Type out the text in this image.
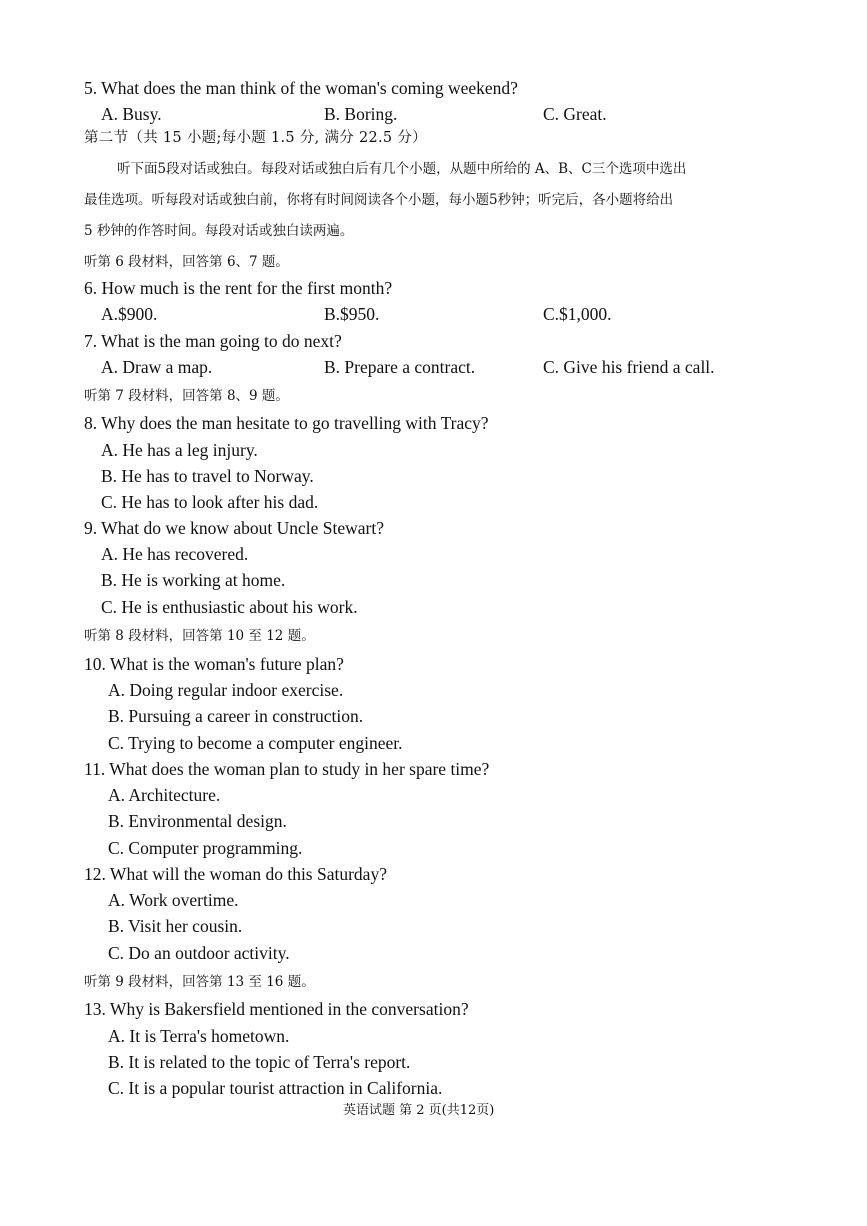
5. What does the man think of the woman's coming weekend?
A. Busy.	B. Boring.	C. Great.
第二节（共 15 小题;每小题 1.5 分, 满分 22.5 分）
听下面5段对话或独白。每段对话或独白后有几个小题，从题中所给的 A、B、C三个选项中选出
最佳选项。听每段对话或独白前，你将有时间阅读各个小题，每小题5秒钟；听完后，各小题将给出
5 秒钟的作答时间。每段对话或独白读两遍。
听第 6 段材料，回答第 6、7 题。
6. How much is the rent for the first month?
A.$900.	B.$950.	C.$1,000.
7. What is the man going to do next?
A. Draw a map.	B. Prepare a contract.	C. Give his friend a call.
听第 7 段材料，回答第 8、9 题。
8. Why does the man hesitate to go travelling with Tracy?
A. He has a leg injury.
B. He has to travel to Norway.
C. He has to look after his dad.
9. What do we know about Uncle Stewart?
A. He has recovered.
B. He is working at home.
C. He is enthusiastic about his work.
听第 8 段材料，回答第 10 至 12 题。
10. What is the woman's future plan?
A. Doing regular indoor exercise.
B. Pursuing a career in construction.
C. Trying to become a computer engineer.
11. What does the woman plan to study in her spare time?
A. Architecture.
B. Environmental design.
C. Computer programming.
12. What will the woman do this Saturday?
A. Work overtime.
B. Visit her cousin.
C. Do an outdoor activity.
听第 9 段材料，回答第 13 至 16 题。
13. Why is Bakersfield mentioned in the conversation?
A. It is Terra's hometown.
B. It is related to the topic of Terra's report.
C. It is a popular tourist attraction in California.
英语试题 第 2 页(共12页)
